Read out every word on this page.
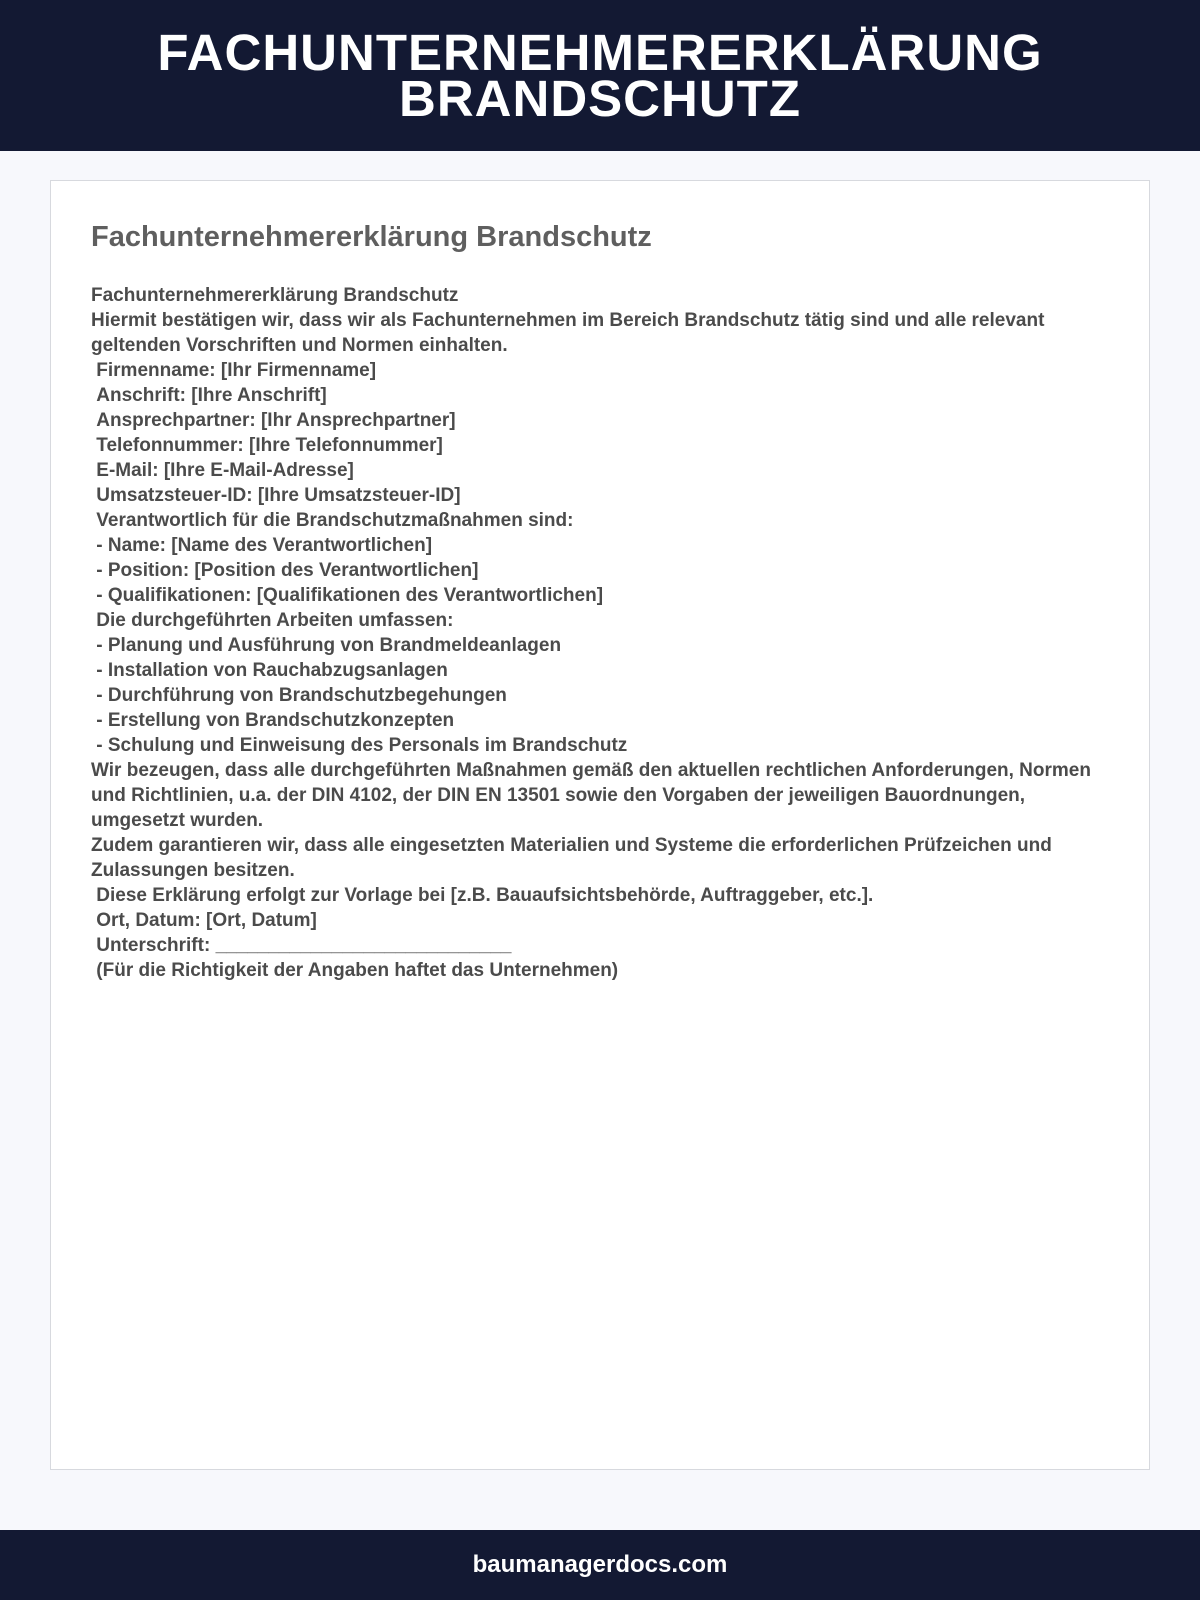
FACHUNTERNEHMERERKLÄRUNG
BRANDSCHUTZ
Fachunternehmererklärung Brandschutz

Fachunternehmererklärung Brandschutz

Hiermit bestätigen wir, dass wir als Fachunternehmen im Bereich Brandschutz tätig sind und alle relevant geltenden Vorschriften und Normen einhalten.

Firmenname: [Ihr Firmenname]

Anschrift: [Ihre Anschrift]

Ansprechpartner: [Ihr Ansprechpartner]

Telefonnummer: [Ihre Telefonnummer]

E-Mail: [Ihre E-Mail-Adresse]

Umsatzsteuer-ID: [Ihre Umsatzsteuer-ID]

Verantwortlich für die Brandschutzmaßnahmen sind:

- Name: [Name des Verantwortlichen]

- Position: [Position des Verantwortlichen]

- Qualifikationen: [Qualifikationen des Verantwortlichen]

Die durchgeführten Arbeiten umfassen:

- Planung und Ausführung von Brandmeldeanlagen

- Installation von Rauchabzugsanlagen

- Durchführung von Brandschutzbegehungen

- Erstellung von Brandschutzkonzepten

- Schulung und Einweisung des Personals im Brandschutz

Wir bezeugen, dass alle durchgeführten Maßnahmen gemäß den aktuellen rechtlichen Anforderungen, Normen und Richtlinien, u.a. der DIN 4102, der DIN EN 13501 sowie den Vorgaben der jeweiligen Bauordnungen, umgesetzt wurden.

Zudem garantieren wir, dass alle eingesetzten Materialien und Systeme die erforderlichen Prüfzeichen und Zulassungen besitzen.

Diese Erklärung erfolgt zur Vorlage bei [z.B. Bauaufsichtsbehörde, Auftraggeber, etc.].

Ort, Datum: [Ort, Datum]

Unterschrift: ____________________________

(Für die Richtigkeit der Angaben haftet das Unternehmen)

baumanagerdocs.com
